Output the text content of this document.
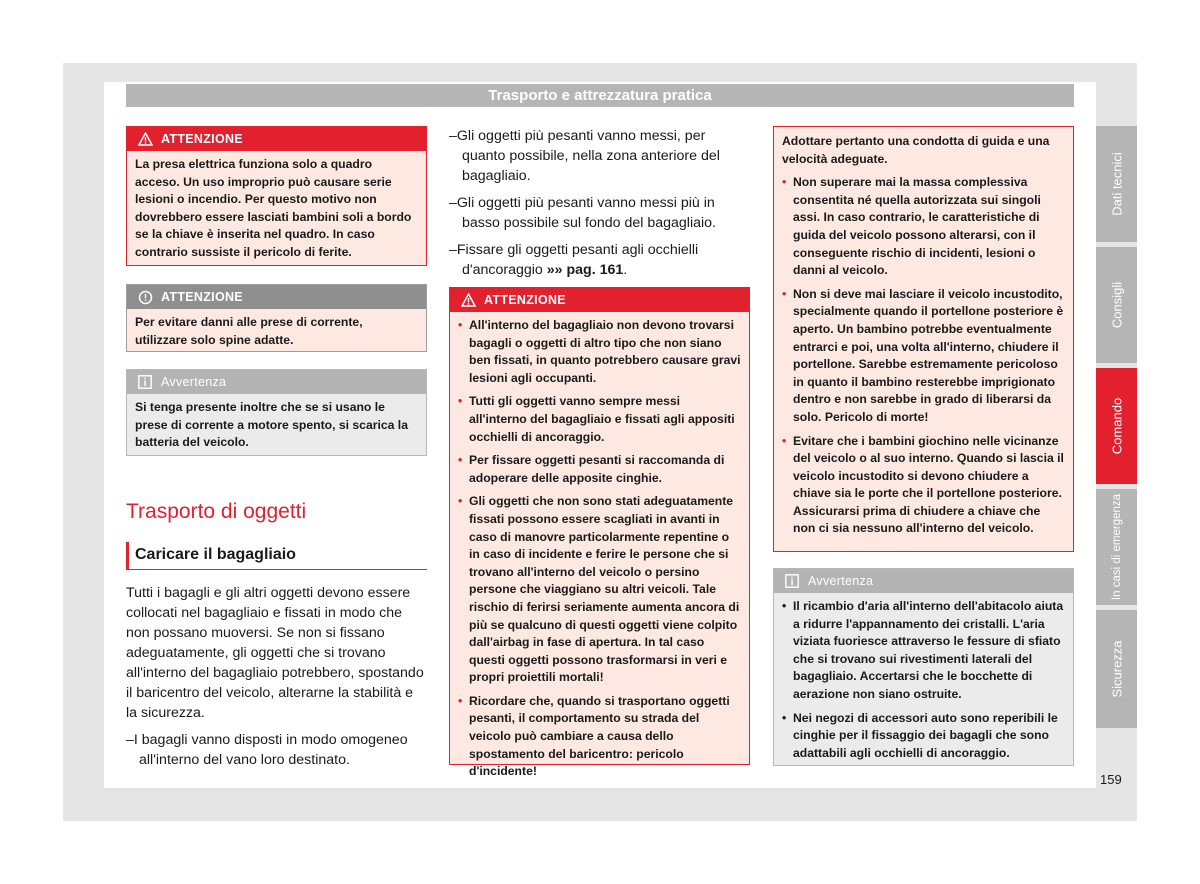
Trasporto e attrezzatura pratica
ATTENZIONE
La presa elettrica funziona solo a quadro acceso. Un uso improprio può causare serie lesioni o incendio. Per questo motivo non dovrebbero essere lasciati bambini soli a bordo se la chiave è inserita nel quadro. In caso contrario sussiste il pericolo di ferite.
ATTENZIONE
Per evitare danni alle prese di corrente, utilizzare solo spine adatte.
Avvertenza
Si tenga presente inoltre che se si usano le prese di corrente a motore spento, si scarica la batteria del veicolo.
Trasporto di oggetti
Caricare il bagagliaio

Tutti i bagagli e gli altri oggetti devono essere collocati nel bagagliaio e fissati in modo che non possano muoversi. Se non si fissano adeguatamente, gli oggetti che si trovano all'interno del bagagliaio potrebbero, spostando il baricentro del veicolo, alterarne la stabilità e la sicurezza.

– I bagagli vanno disposti in modo omogeneo all'interno del vano loro destinato.

– Gli oggetti più pesanti vanno messi, per quanto possibile, nella zona anteriore del bagagliaio.

– Gli oggetti più pesanti vanno messi più in basso possibile sul fondo del bagagliaio.

– Fissare gli oggetti pesanti agli occhielli d'ancoraggio »» pag. 161.

ATTENZIONE

• All'interno del bagagliaio non devono trovarsi bagagli o oggetti di altro tipo che non siano ben fissati, in quanto potrebbero causare gravi lesioni agli occupanti.

• Tutti gli oggetti vanno sempre messi all'interno del bagagliaio e fissati agli appositi occhielli di ancoraggio.

• Per fissare oggetti pesanti si raccomanda di adoperare delle apposite cinghie.

• Gli oggetti che non sono stati adeguatamente fissati possono essere scagliati in avanti in caso di manovre particolarmente repentine o in caso di incidente e ferire le persone che si trovano all'interno del veicolo o persino persone che viaggiano su altri veicoli. Tale rischio di ferirsi seriamente aumenta ancora di più se qualcuno di questi oggetti viene colpito dall'airbag in fase di apertura. In tal caso questi oggetti possono trasformarsi in veri e propri proiettili mortali!

• Ricordare che, quando si trasportano oggetti pesanti, il comportamento su strada del veicolo può cambiare a causa dello spostamento del baricentro: pericolo d'incidente!

Adottare pertanto una condotta di guida e una velocità adeguate.

• Non superare mai la massa complessiva consentita né quella autorizzata sui singoli assi. In caso contrario, le caratteristiche di guida del veicolo possono alterarsi, con il conseguente rischio di incidenti, lesioni o danni al veicolo.

• Non si deve mai lasciare il veicolo incustodito, specialmente quando il portellone posteriore è aperto. Un bambino potrebbe eventualmente entrarci e poi, una volta all'interno, chiudere il portellone. Sarebbe estremamente pericoloso in quanto il bambino resterebbe imprigionato dentro e non sarebbe in grado di liberarsi da solo. Pericolo di morte!

• Evitare che i bambini giochino nelle vicinanze del veicolo o al suo interno. Quando si lascia il veicolo incustodito si devono chiudere a chiave sia le porte che il portellone posteriore. Assicurarsi prima di chiudere a chiave che non ci sia nessuno all'interno del veicolo.

Avvertenza

• Il ricambio d'aria all'interno dell'abitacolo aiuta a ridurre l'appannamento dei cristalli. L'aria viziata fuoriesce attraverso le fessure di sfiato che si trovano sui rivestimenti laterali del bagagliaio. Accertarsi che le bocchette di aerazione non siano ostruite.

• Nei negozi di accessori auto sono reperibili le cinghie per il fissaggio dei bagagli che sono adattabili agli occhielli di ancoraggio.

Dati tecnici
Consigli
Comando
In casi di emergenza
Sicurezza
159
